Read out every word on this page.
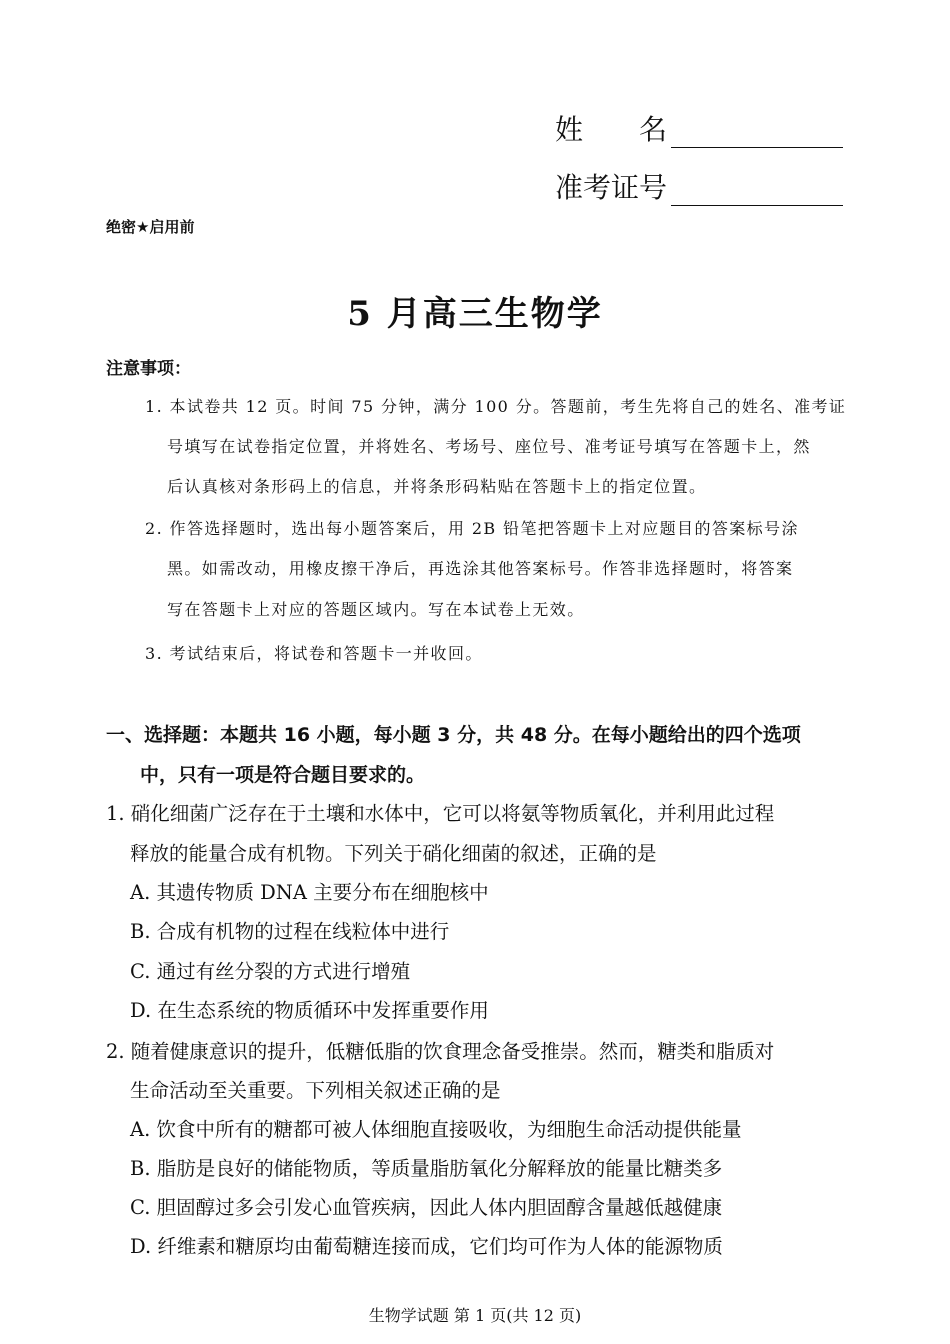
姓　　名
准考证号
绝密★启用前
5 月高三生物学
注意事项：
1. 本试卷共 12 页。时间 75 分钟，满分 100 分。答题前，考生先将自己的姓名、准考证
号填写在试卷指定位置，并将姓名、考场号、座位号、准考证号填写在答题卡上，然
后认真核对条形码上的信息，并将条形码粘贴在答题卡上的指定位置。
2. 作答选择题时，选出每小题答案后，用 2B 铅笔把答题卡上对应题目的答案标号涂
黑。如需改动，用橡皮擦干净后，再选涂其他答案标号。作答非选择题时，将答案
写在答题卡上对应的答题区域内。写在本试卷上无效。
3. 考试结束后，将试卷和答题卡一并收回。
一、选择题：本题共 16 小题，每小题 3 分，共 48 分。在每小题给出的四个选项
中，只有一项是符合题目要求的。
1. 硝化细菌广泛存在于土壤和水体中，它可以将氨等物质氧化，并利用此过程
释放的能量合成有机物。下列关于硝化细菌的叙述，正确的是
A. 其遗传物质 DNA 主要分布在细胞核中
B. 合成有机物的过程在线粒体中进行
C. 通过有丝分裂的方式进行增殖
D. 在生态系统的物质循环中发挥重要作用
2. 随着健康意识的提升，低糖低脂的饮食理念备受推崇。然而，糖类和脂质对
生命活动至关重要。下列相关叙述正确的是
A. 饮食中所有的糖都可被人体细胞直接吸收，为细胞生命活动提供能量
B. 脂肪是良好的储能物质，等质量脂肪氧化分解释放的能量比糖类多
C. 胆固醇过多会引发心血管疾病，因此人体内胆固醇含量越低越健康
D. 纤维素和糖原均由葡萄糖连接而成，它们均可作为人体的能源物质
生物学试题 第 1 页(共 12 页)
